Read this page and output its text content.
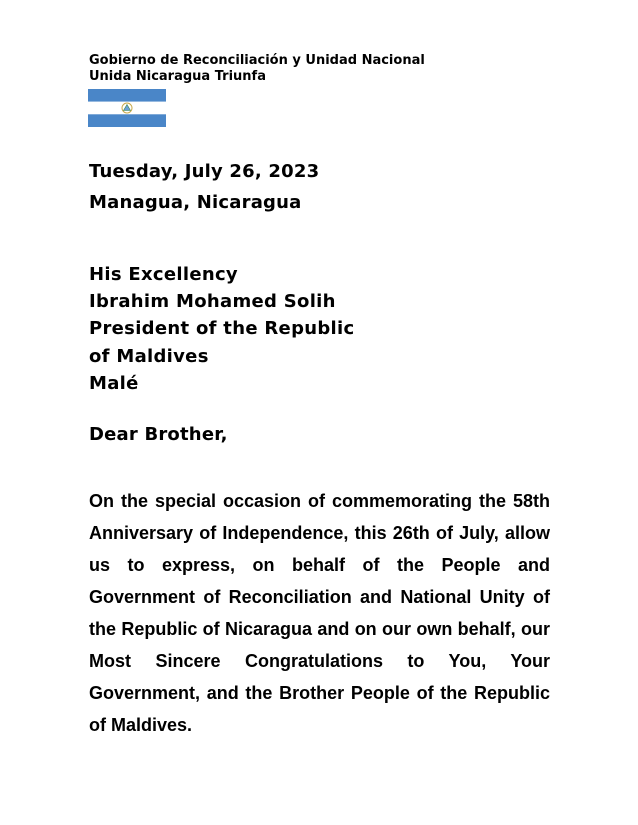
Gobierno de Reconciliación y Unidad Nacional
Unida Nicaragua Triunfa
Tuesday, July 26, 2023
Managua, Nicaragua
His Excellency
Ibrahim Mohamed Solih
President of the Republic
of Maldives
Malé
Dear Brother,
On the special occasion of commemorating the 58th Anniversary of Independence, this 26th of July, allow us to express, on behalf of the People and Government of Reconciliation and National Unity of the Republic of Nicaragua and on our own behalf, our Most Sincere Congratulations to You, Your Government, and the Brother People of the Republic of Maldives.
